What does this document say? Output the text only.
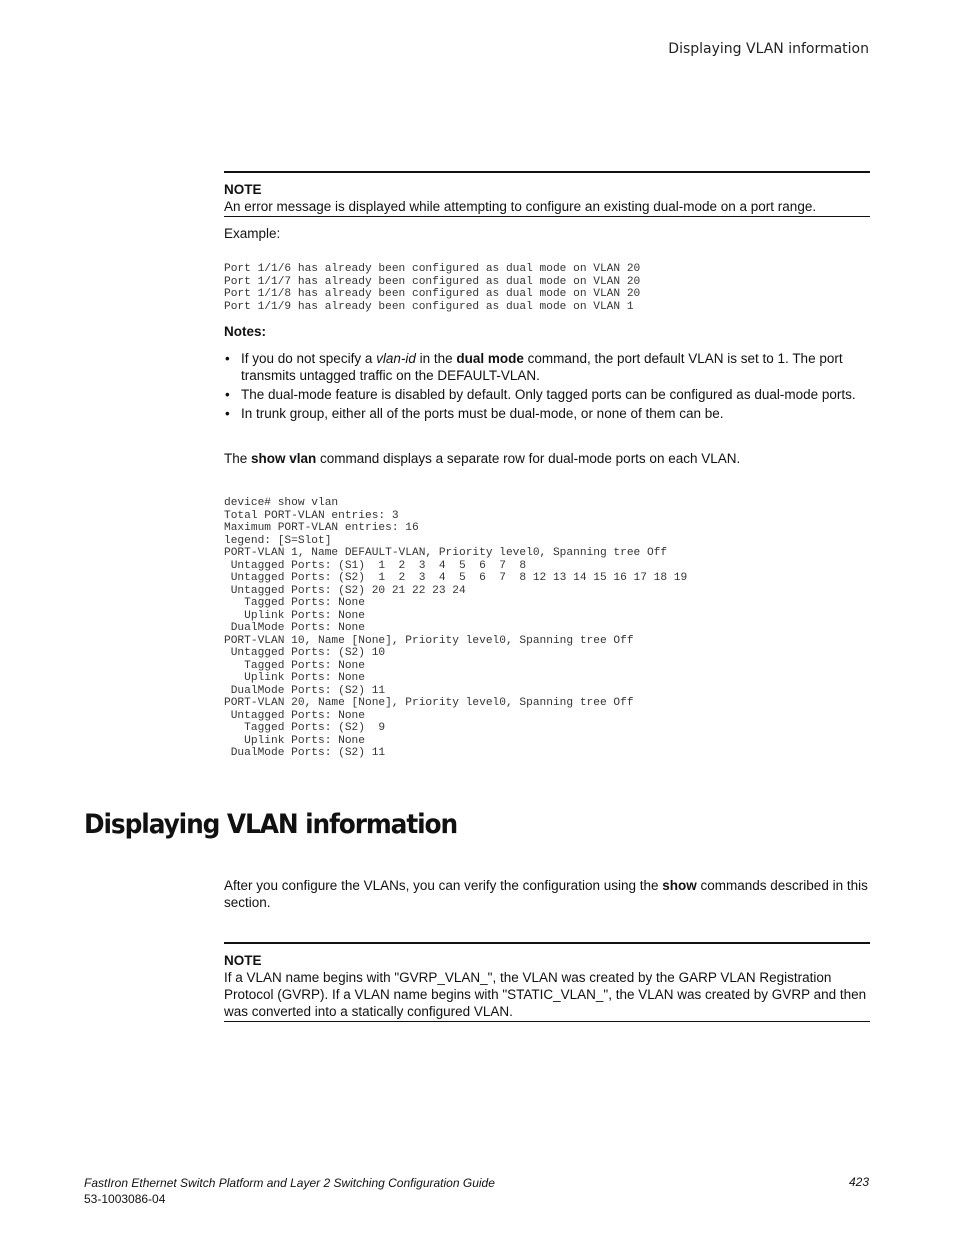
Displaying VLAN information
NOTE
An error message is displayed while attempting to configure an existing dual-mode on a port range.
Example:
Port 1/1/6 has already been configured as dual mode on VLAN 20
Port 1/1/7 has already been configured as dual mode on VLAN 20
Port 1/1/8 has already been configured as dual mode on VLAN 20
Port 1/1/9 has already been configured as dual mode on VLAN 1
Notes:
• If you do not specify a vlan-id in the dual mode command, the port default VLAN is set to 1. The port transmits untagged traffic on the DEFAULT-VLAN.
• The dual-mode feature is disabled by default. Only tagged ports can be configured as dual-mode ports.
• In trunk group, either all of the ports must be dual-mode, or none of them can be.
The show vlan command displays a separate row for dual-mode ports on each VLAN.
device# show vlan
Total PORT-VLAN entries: 3
Maximum PORT-VLAN entries: 16
legend: [S=Slot]
PORT-VLAN 1, Name DEFAULT-VLAN, Priority level0, Spanning tree Off
Untagged Ports: (S1)  1  2  3  4  5  6  7  8
Untagged Ports: (S2)  1  2  3  4  5  6  7  8 12 13 14 15 16 17 18 19
Untagged Ports: (S2) 20 21 22 23 24
Tagged Ports: None
Uplink Ports: None
DualMode Ports: None
PORT-VLAN 10, Name [None], Priority level0, Spanning tree Off
Untagged Ports: (S2) 10
Tagged Ports: None
Uplink Ports: None
DualMode Ports: (S2) 11
PORT-VLAN 20, Name [None], Priority level0, Spanning tree Off
Untagged Ports: None
Tagged Ports: (S2)  9
Uplink Ports: None
DualMode Ports: (S2) 11
Displaying VLAN information
After you configure the VLANs, you can verify the configuration using the show commands described in this section.
NOTE
If a VLAN name begins with "GVRP_VLAN_", the VLAN was created by the GARP VLAN Registration Protocol (GVRP). If a VLAN name begins with "STATIC_VLAN_", the VLAN was created by GVRP and then was converted into a statically configured VLAN.
FastIron Ethernet Switch Platform and Layer 2 Switching Configuration Guide
53-1003086-04
423
